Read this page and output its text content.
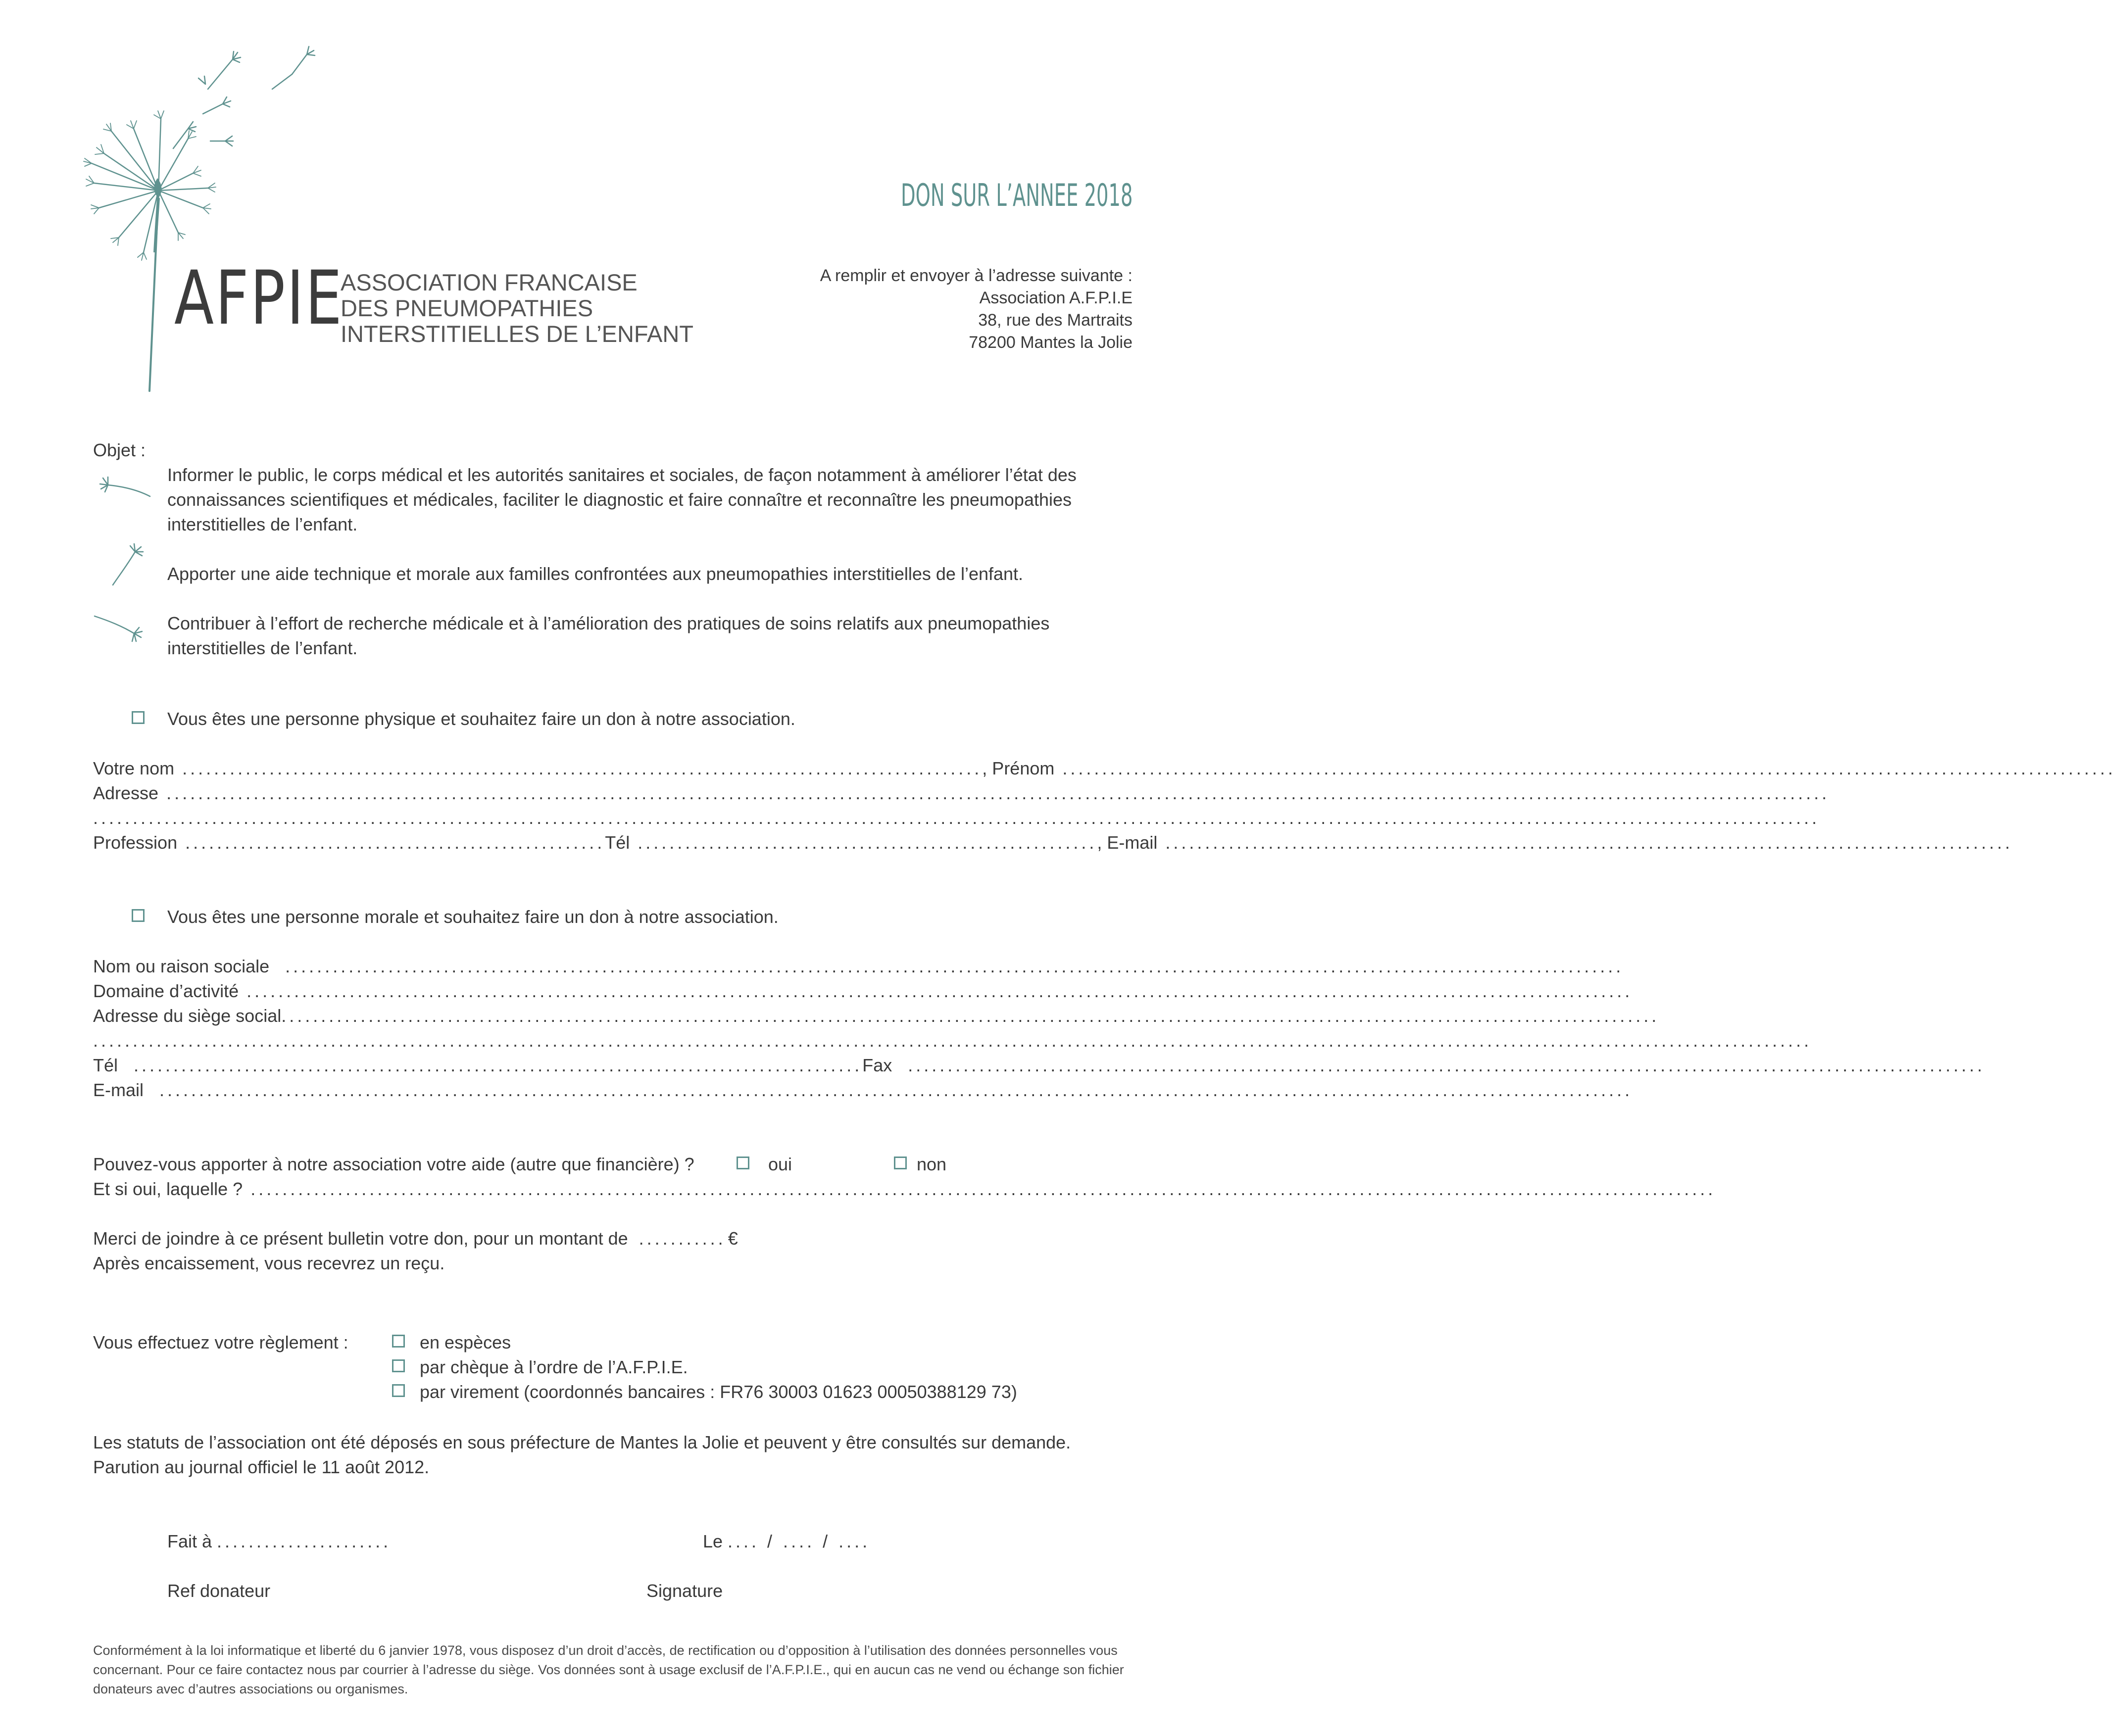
AFPIE
ASSOCIATION FRANCAISE
DES PNEUMOPATHIES
INTERSTITIELLES DE L’ENFANT
DON SUR L’ANNEE 2018
A remplir et envoyer à l’adresse suivante :
Association A.F.P.I.E
38, rue des Martraits
78200 Mantes la Jolie
Objet :
Informer le public, le corps médical et les autorités sanitaires et sociales, de façon notamment à améliorer l’état des connaissances scientifiques et médicales, faciliter le diagnostic et faire connaître et reconnaître les pneumopathies interstitielles de l’enfant.
Apporter une aide technique et morale aux familles confrontées aux pneumopathies interstitielles de l’enfant.
Contribuer à l’effort de recherche médicale et à l’amélioration des pratiques de soins relatifs aux pneumopathies interstitielles de l’enfant.
Vous êtes une personne physique et souhaitez faire un don à notre association.
Votre nom ..................................................................................................... , Prénom .....................................................................................................................................
Adresse ..................................................................................................................................................................................................................
..........................................................................................................................................................................................................................
Profession ..................................................... Tél .......................................................... , E-mail ...........................................................................................................
Vous êtes une personne morale et souhaitez faire un don à notre association.
Nom ou raison sociale .........................................................................................................................................................................
Domaine d’activité ...............................................................................................................................................................................
Adresse du siège social ..............................................................................................................................................................................
.........................................................................................................................................................................................................................
Tél ............................................................................................ Fax ........................................................................................................................................
E-mail ..........................................................................................................................................................................................
Pouvez-vous apporter à notre association votre aide (autre que financière) ?	oui	non
Et si oui, laquelle ? .........................................................................................................................................................................................
Merci de joindre à ce présent bulletin votre don, pour un montant de ........... €
Après encaissement, vous recevrez un reçu.
Vous effectuez votre règlement :	en espèces
par chèque à l’ordre de l’A.F.P.I.E.
par virement (coordonnés bancaires : FR76 30003 01623 00050388129 73)
Les statuts de l’association ont été déposés en sous préfecture de Mantes la Jolie et peuvent y être consultés sur demande.
Parution au journal officiel le 11 août 2012.
Fait à ......................	Le .... / .... / ....
Ref donateur	Signature
Conformément à la loi informatique et liberté du 6 janvier 1978, vous disposez d’un droit d’accès, de rectification ou d’opposition à l’utilisation des données personnelles vous concernant. Pour ce faire contactez nous par courrier à l’adresse du siège. Vos données sont à usage exclusif de l’A.F.P.I.E., qui en aucun cas ne vend ou échange son fichier donateurs avec d’autres associations ou organismes.
